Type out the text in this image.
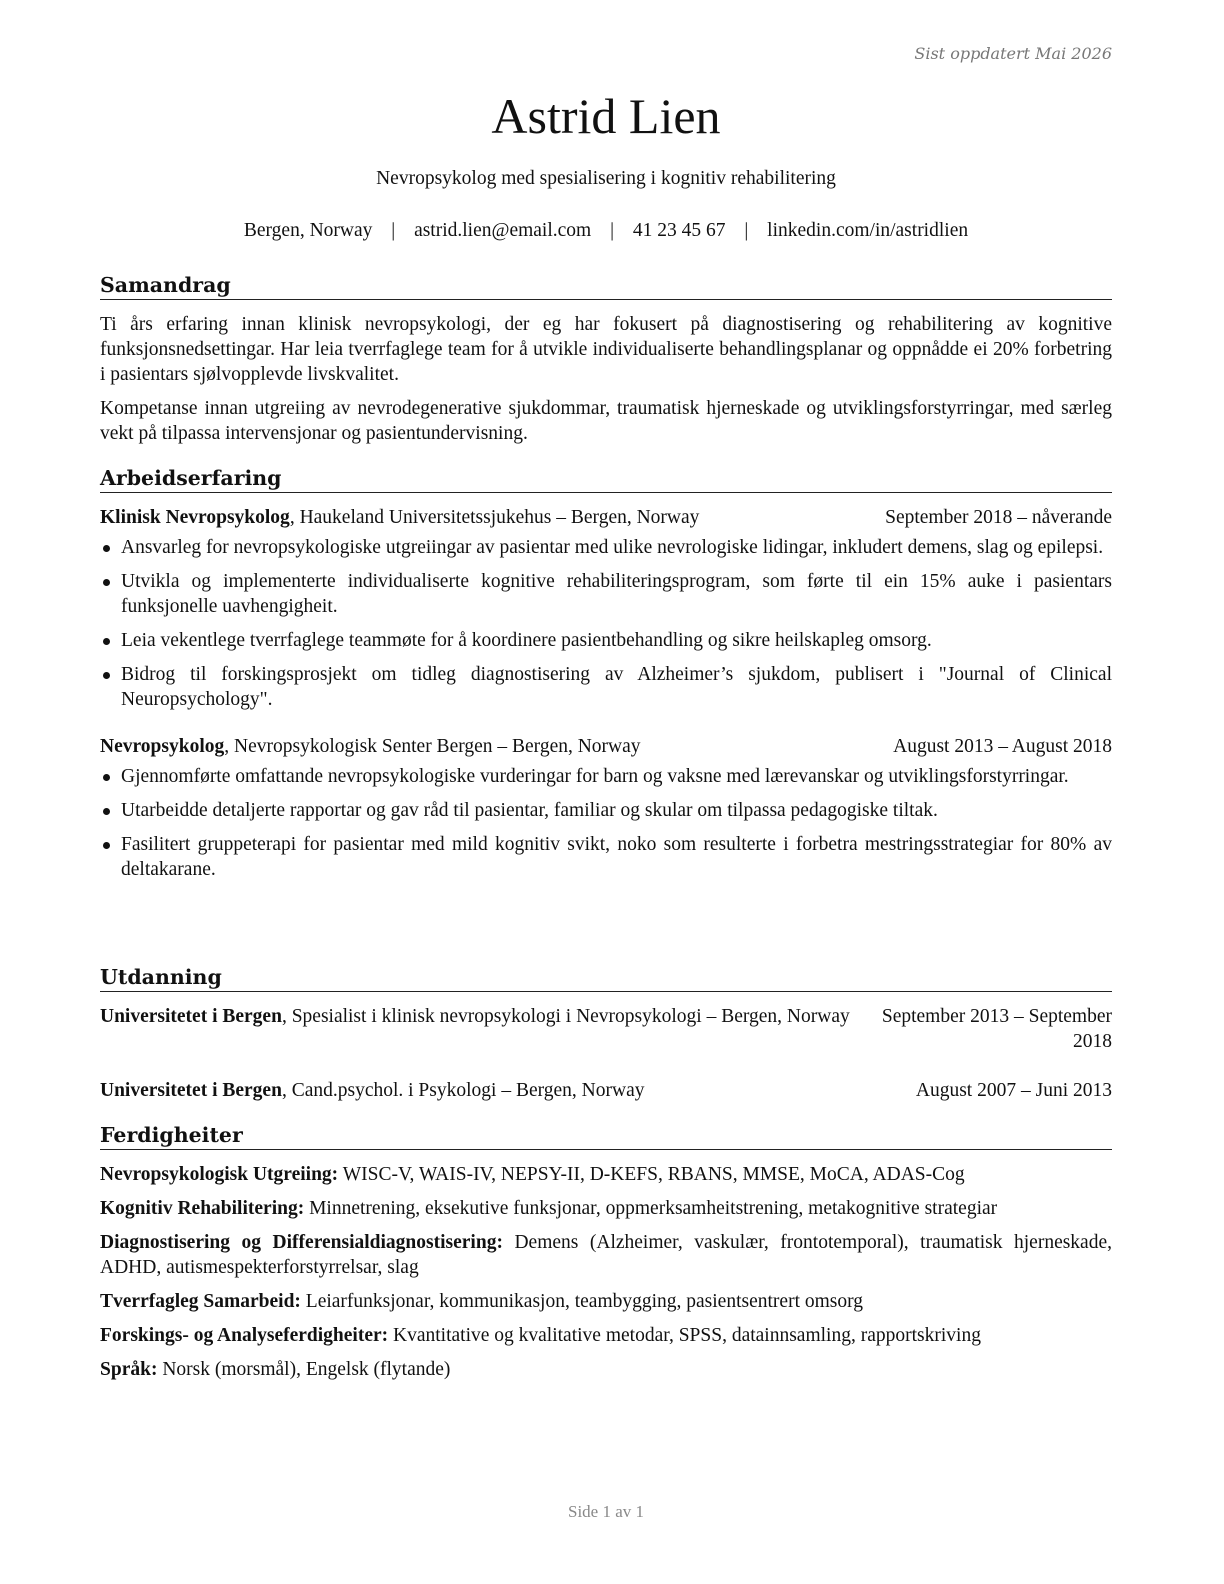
Sist oppdatert Mai 2026
Astrid Lien
Nevropsykolog med spesialisering i kognitiv rehabilitering
Bergen, Norway | astrid.lien@email.com | 41 23 45 67 | linkedin.com/in/astridlien
Samandrag

Ti års erfaring innan klinisk nevropsykologi, der eg har fokusert på diagnostisering og rehabilitering av kognitive funksjonsnedsettingar. Har leia tverrfaglege team for å utvikle individualiserte behandlingsplanar og oppnådde ei 20% forbetring i pasientars sjølvopplevde livskvalitet.

Kompetanse innan utgreiing av nevrodegenerative sjukdommar, traumatisk hjerneskade og utviklingsforstyrringar, med særleg vekt på tilpassa intervensjonar og pasientundervisning.

Arbeidserfaring
Klinisk Nevropsykolog, Haukeland Universitetssjukehus – Bergen, Norway	September 2018 – nåverande
Ansvarleg for nevropsykologiske utgreiingar av pasientar med ulike nevrologiske lidingar, inkludert demens, slag og epilepsi.
Utvikla og implementerte individualiserte kognitive rehabiliteringsprogram, som førte til ein 15% auke i pasientars funksjonelle uavhengigheit.
Leia vekentlege tverrfaglege teammøte for å koordinere pasientbehandling og sikre heilskapleg omsorg.
Bidrog til forskingsprosjekt om tidleg diagnostisering av Alzheimer’s sjukdom, publisert i "Journal of Clinical Neuropsychology".
Nevropsykolog, Nevropsykologisk Senter Bergen – Bergen, Norway	August 2013 – August 2018
Gjennomførte omfattande nevropsykologiske vurderingar for barn og vaksne med lærevanskar og utviklingsforstyrringar.
Utarbeidde detaljerte rapportar og gav råd til pasientar, familiar og skular om tilpassa pedagogiske tiltak.
Fasilitert gruppeterapi for pasientar med mild kognitiv svikt, noko som resulterte i forbetra mestringsstrategiar for 80% av deltakarane.
Utdanning
Universitetet i Bergen, Spesialist i klinisk nevropsykologi i Nevropsykologi – Bergen, Norway	September 2013 – September 2018
Universitetet i Bergen, Cand.psychol. i Psykologi – Bergen, Norway	August 2007 – Juni 2013
Ferdigheiter
Nevropsykologisk Utgreiing: WISC-V, WAIS-IV, NEPSY-II, D-KEFS, RBANS, MMSE, MoCA, ADAS-Cog
Kognitiv Rehabilitering: Minnetrening, eksekutive funksjonar, oppmerksamheitstrening, metakognitive strategiar
Diagnostisering og Differensialdiagnostisering: Demens (Alzheimer, vaskulær, frontotemporal), traumatisk hjerneskade, ADHD, autismespekterforstyrrelsar, slag
Tverrfagleg Samarbeid: Leiarfunksjonar, kommunikasjon, teambygging, pasientsentrert omsorg
Forskings- og Analyseferdigheiter: Kvantitative og kvalitative metodar, SPSS, datainnsamling, rapportskriving
Språk: Norsk (morsmål), Engelsk (flytande)
Side 1 av 1
